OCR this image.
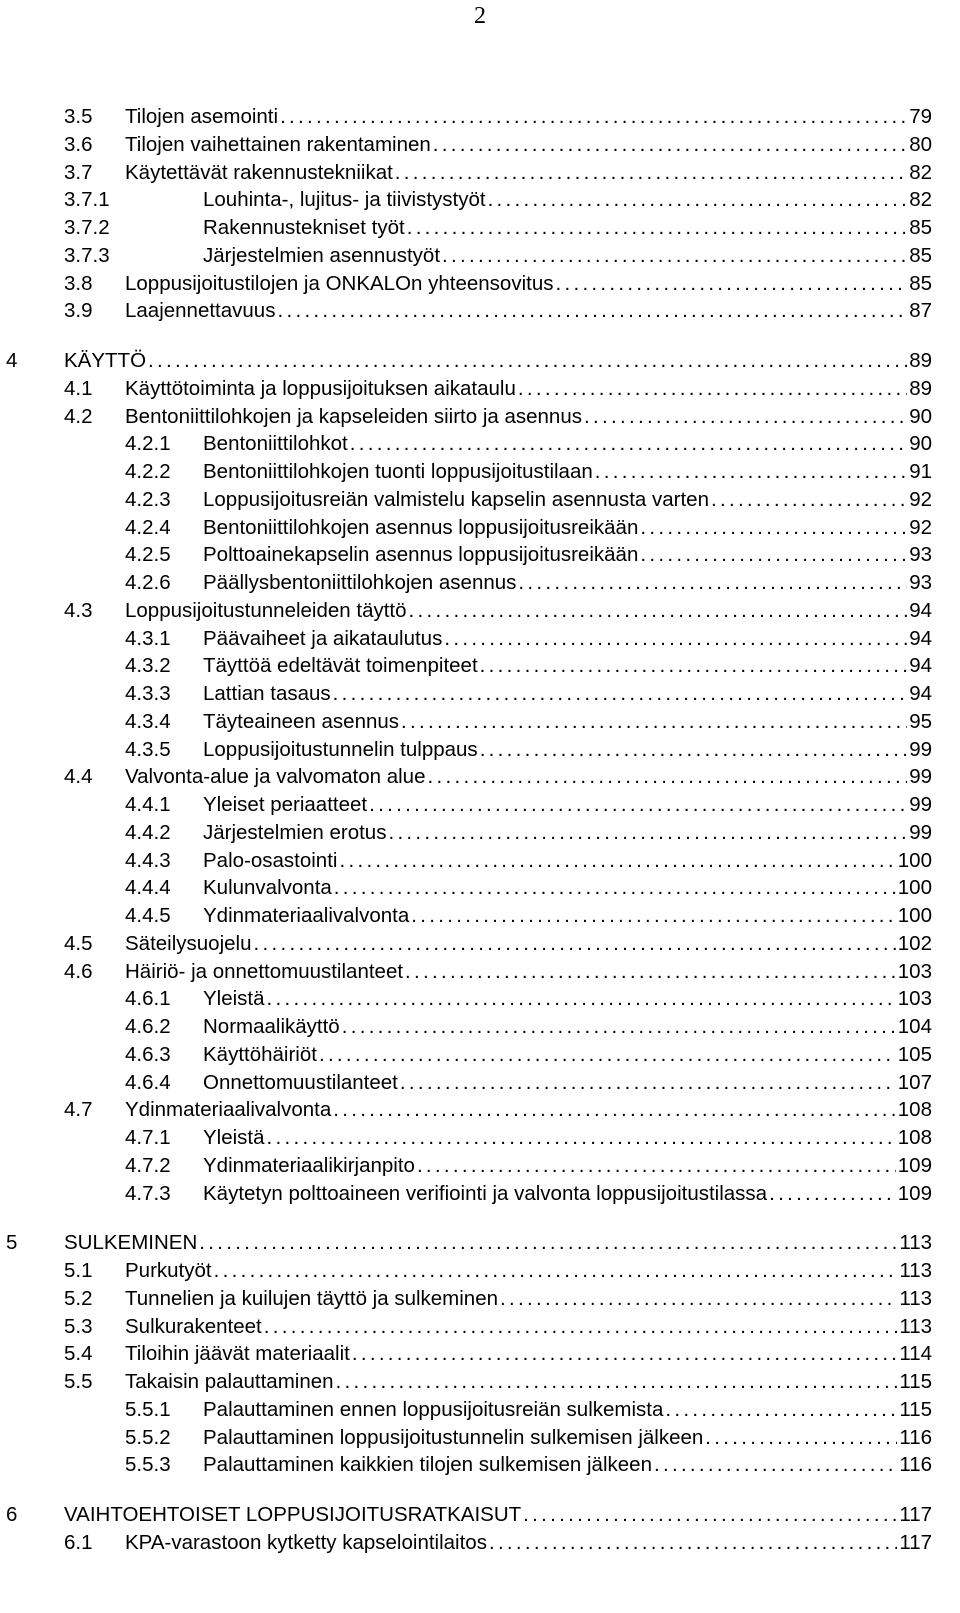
2
3.5 Tilojen asemointi . . .	79
3.6 Tilojen vaihettainen rakentaminen . . .	80
3.7 Käytettävät rakennustekniikat . . .	82
3.7.1	Louhinta-, lujitus- ja tiivistystyöt . . .	82
3.7.2	Rakennustekniset työt . . .	85
3.7.3	Järjestelmien asennustyöt . . .	85
3.8 Loppusijoitustilojen ja ONKALOn yhteensovitus . . .	85
3.9 Laajennettavuus . . .	87
4 KÄYTTÖ . . .	89
4.1 Käyttötoiminta ja loppusijoituksen aikataulu . . .	89
4.2 Bentoniittilohkojen ja kapseleiden siirto ja asennus . . .	90
4.2.1 Bentoniittilohkot . . .	90
4.2.2 Bentoniittilohkojen tuonti loppusijoitustilaan . . .	91
4.2.3 Loppusijoitusreiän valmistelu kapselin asennusta varten . . .	92
4.2.4 Bentoniittilohkojen asennus loppusijoitusreikään . . .	92
4.2.5 Polttoainekapselin asennus loppusijoitusreikään . . .	93
4.2.6 Päällysbentoniittilohkojen asennus . . .	93
4.3 Loppusijoitustunneleiden täyttö . . .	94
4.3.1 Päävaiheet ja aikataulutus . . .	94
4.3.2 Täyttöä edeltävät toimenpiteet . . .	94
4.3.3 Lattian tasaus . . .	94
4.3.4 Täyteaineen asennus . . .	95
4.3.5 Loppusijoitustunnelin tulppaus . . .	99
4.4 Valvonta-alue ja valvomaton alue . . .	99
4.4.1 Yleiset periaatteet . . .	99
4.4.2 Järjestelmien erotus . . .	99
4.4.3 Palo-osastointi . . .	100
4.4.4 Kulunvalvonta . . .	100
4.4.5 Ydinmateriaalivalvonta . . .	100
4.5 Säteilysuojelu . . .	102
4.6 Häiriö- ja onnettomuustilanteet . . .	103
4.6.1 Yleistä . . .	103
4.6.2 Normaalikäyttö . . .	104
4.6.3 Käyttöhäiriöt . . .	105
4.6.4 Onnettomuustilanteet . . .	107
4.7 Ydinmateriaalivalvonta . . .	108
4.7.1 Yleistä . . .	108
4.7.2 Ydinmateriaalikirjanpito . . .	109
4.7.3 Käytetyn polttoaineen verifiointi ja valvonta loppusijoitustilassa . . .	109
5 SULKEMINEN . . .	113
5.1 Purkutyöt . . .	113
5.2 Tunnelien ja kuilujen täyttö ja sulkeminen . . .	113
5.3 Sulkurakenteet . . .	113
5.4 Tiloihin jäävät materiaalit . . .	114
5.5 Takaisin palauttaminen . . .	115
5.5.1 Palauttaminen ennen loppusijoitusreiän sulkemista . . .	115
5.5.2 Palauttaminen loppusijoitustunnelin sulkemisen jälkeen . . .	116
5.5.3 Palauttaminen kaikkien tilojen sulkemisen jälkeen . . .	116
6 VAIHTOEHTOISET LOPPUSIJOITUSRATKAISUT . . .	117
6.1 KPA-varastoon kytketty kapselointilaitos . . .	117
